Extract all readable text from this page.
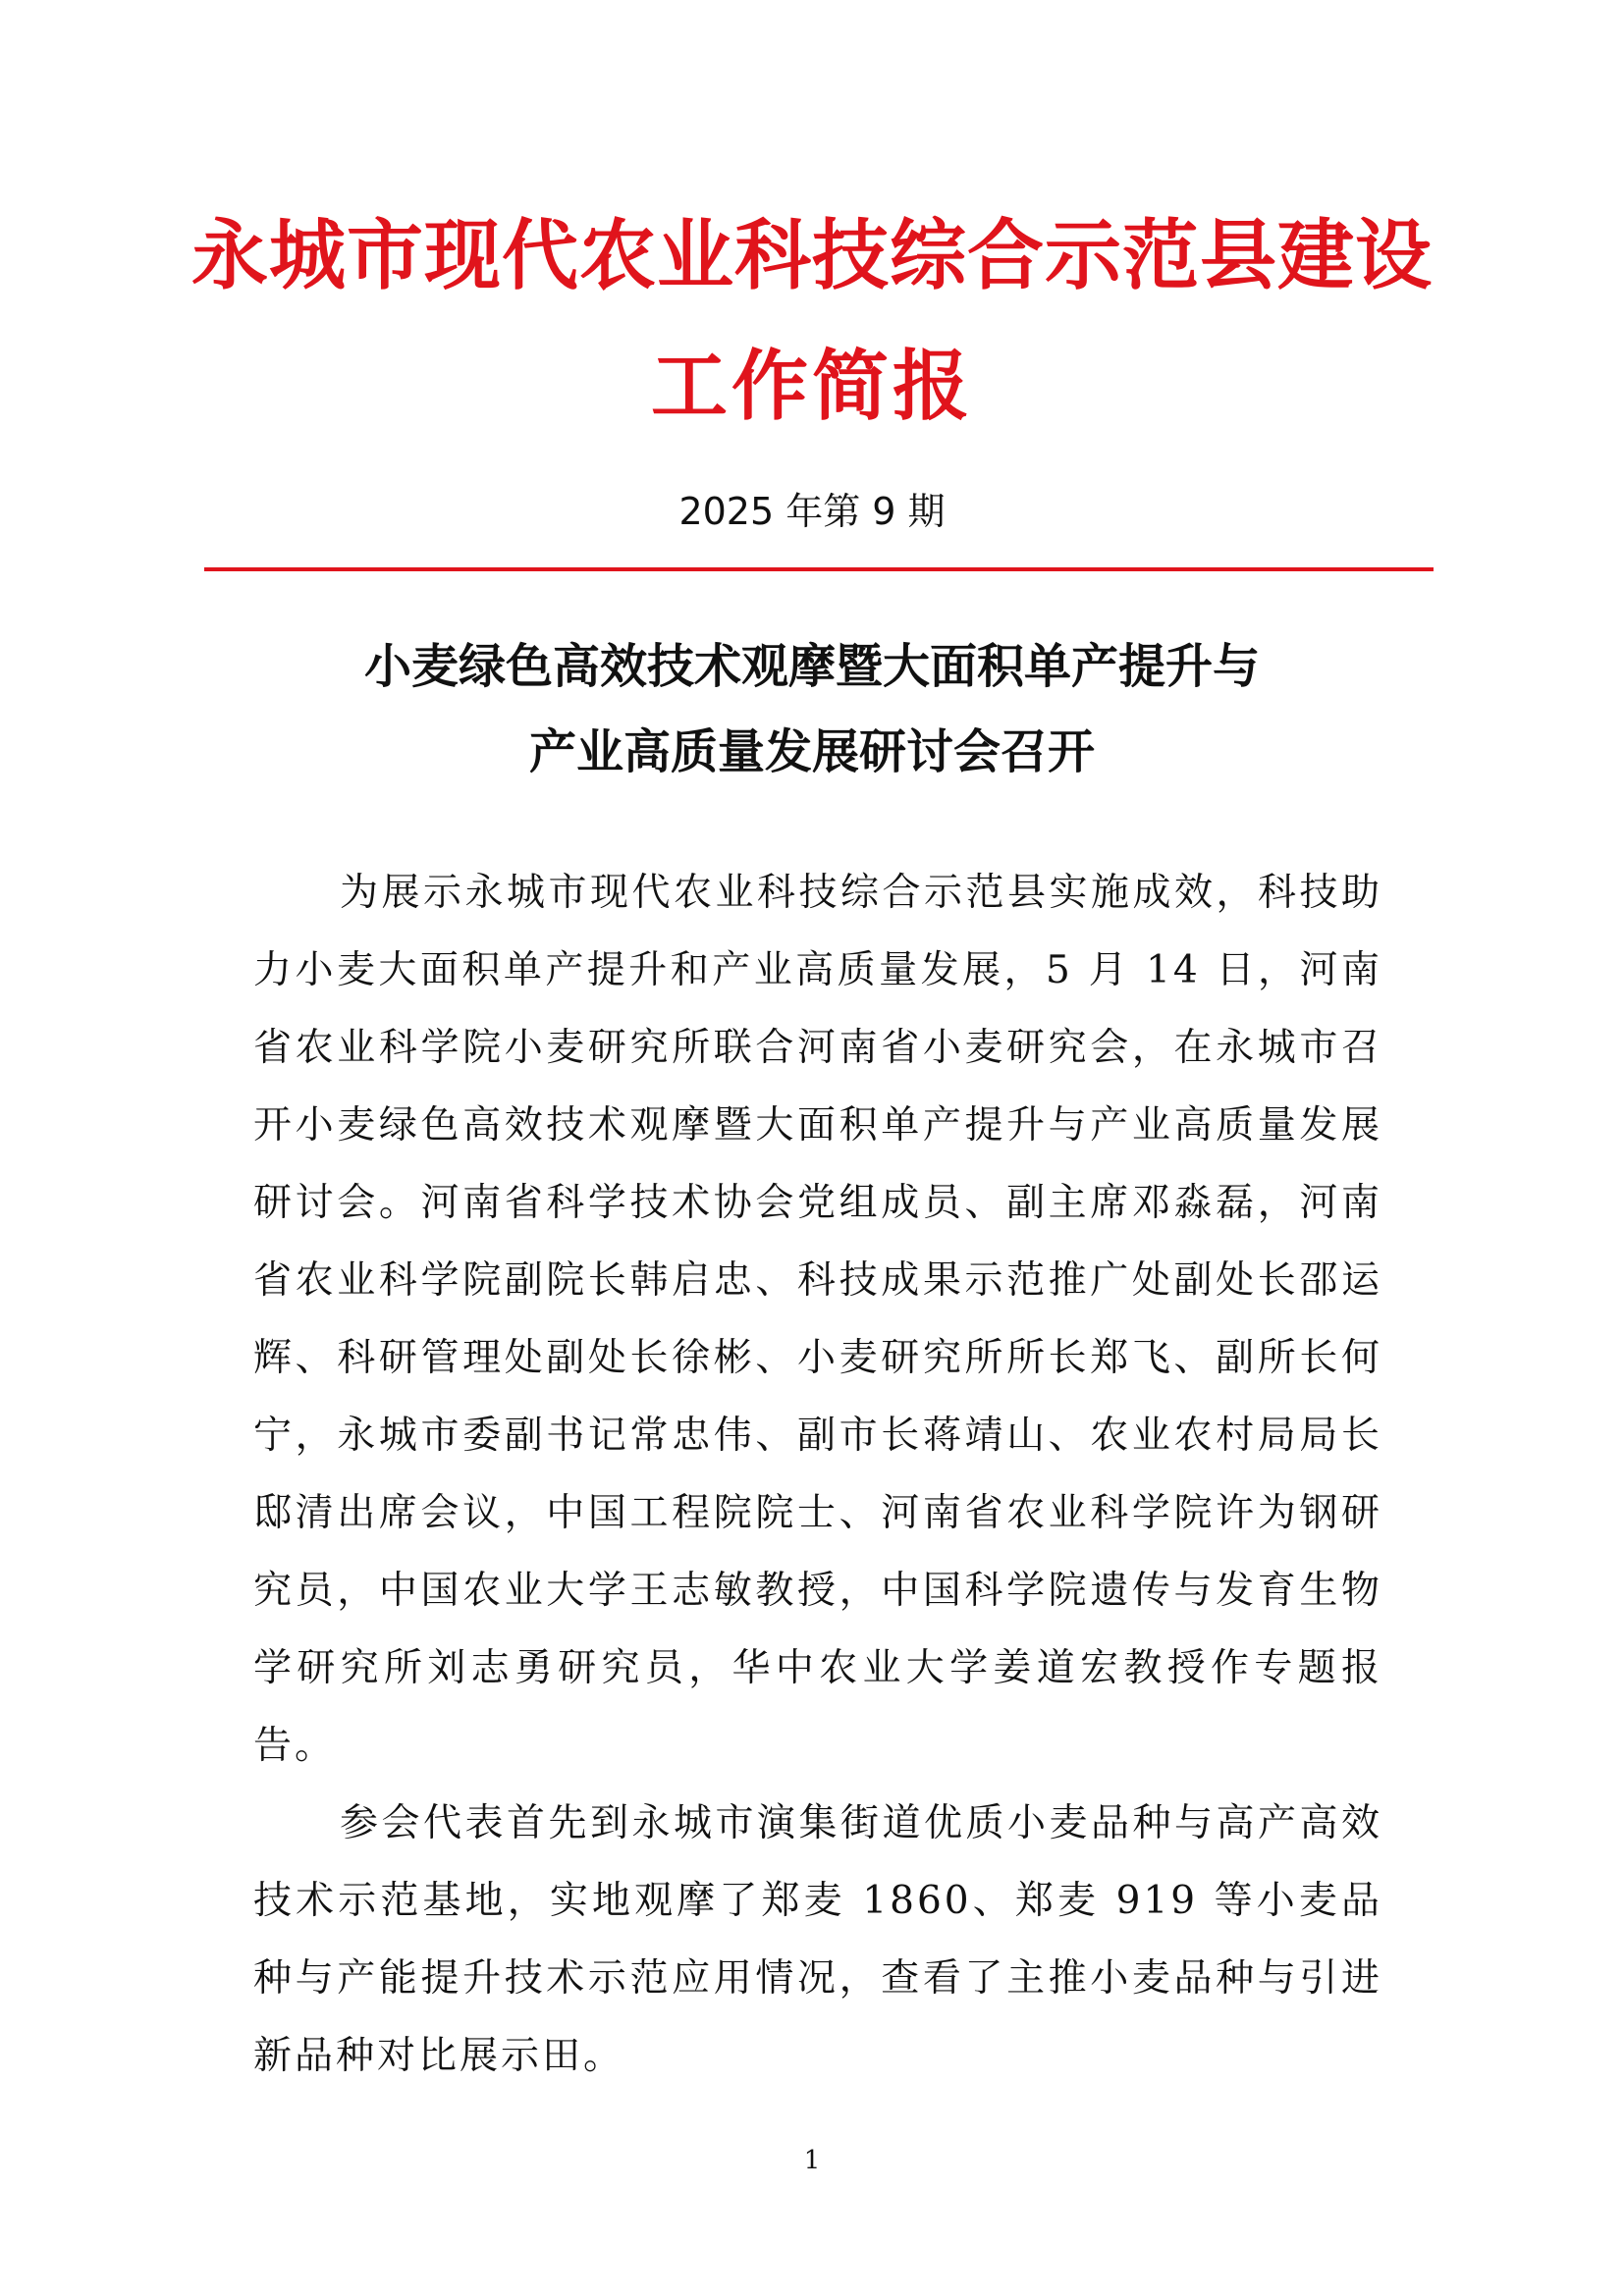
永城市现代农业科技综合示范县建设
工作简报
2025 年第 9 期
小麦绿色高效技术观摩暨大面积单产提升与
产业高质量发展研讨会召开

为展示永城市现代农业科技综合示范县实施成效，科技助力小麦大面积单产提升和产业高质量发展，5 月 14 日，河南省农业科学院小麦研究所联合河南省小麦研究会，在永城市召开小麦绿色高效技术观摩暨大面积单产提升与产业高质量发展研讨会。河南省科学技术协会党组成员、副主席邓淼磊，河南省农业科学院副院长韩启忠、科技成果示范推广处副处长邵运辉、科研管理处副处长徐彬、小麦研究所所长郑飞、副所长何宁，永城市委副书记常忠伟、副市长蒋靖山、农业农村局局长邸清出席会议，中国工程院院士、河南省农业科学院许为钢研究员，中国农业大学王志敏教授，中国科学院遗传与发育生物学研究所刘志勇研究员，华中农业大学姜道宏教授作专题报告。

参会代表首先到永城市演集街道优质小麦品种与高产高效技术示范基地，实地观摩了郑麦 1860、郑麦 919 等小麦品种与产能提升技术示范应用情况，查看了主推小麦品种与引进新品种对比展示田。

1
